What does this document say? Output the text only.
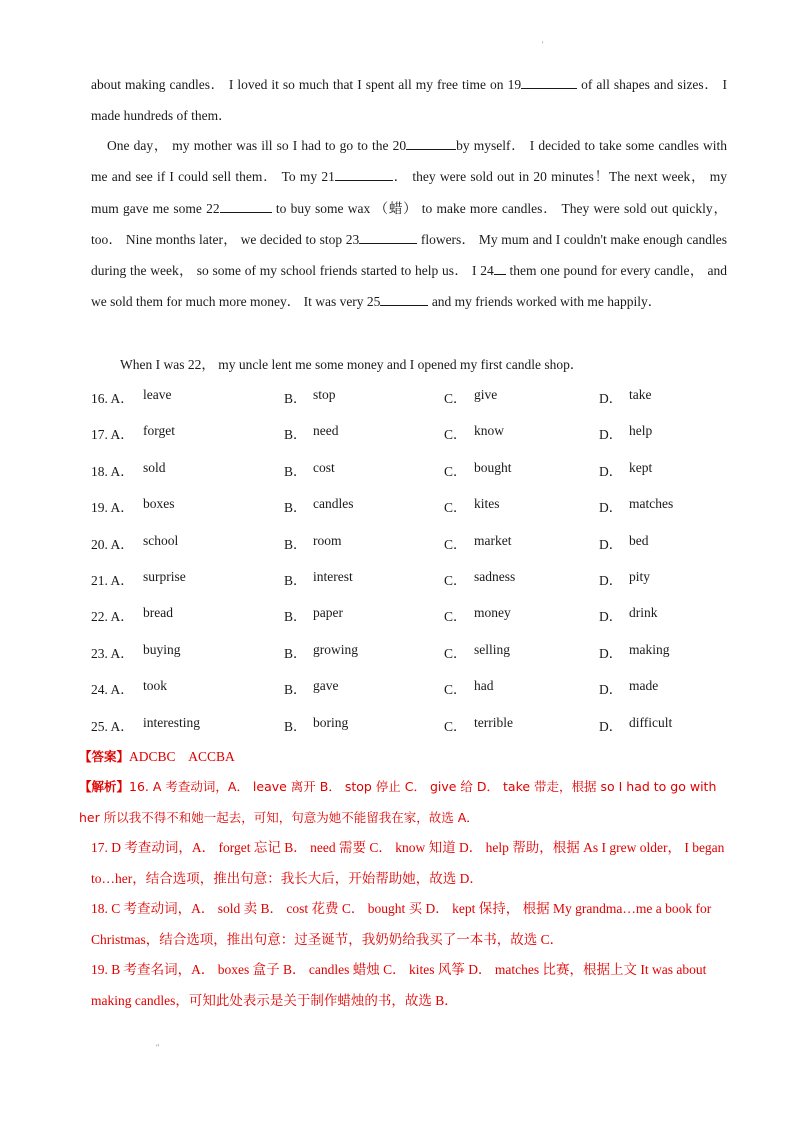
'
about making candles． I loved it so much that I spent all my free time on 19	of all shapes and sizes． I made hundreds of them．
One day， my mother was ill so I had to go to the 20	by myself． I decided to take some candles with me and see if I could sell them． To my 21	． they were sold out in 20 minutes！The next week， my mum gave me some 22	to buy some wax （蜡） to make more candles． They were sold out quickly， too． Nine months later， we decided to stop 23	flowers． My mum and I couldn't make enough candles during the week， so some of my school friends started to help us． I 24 them one pound for every candle， and we sold them for much more money． It was very 25	and my friends worked with me happily．
When I was 22， my uncle lent me some money and I opened my first candle shop．
16. A． leave	B． stop	C． give	D． take
17. A． forget	B． need	C． know	D． help
18. A． sold	B． cost	C． bought	D． kept
19. A． boxes	B． candles	C． kites	D． matches
20. A． school	B． room	C． market	D． bed
21. A． surprise	B． interest	C． sadness	D． pity
22. A． bread	B． paper	C． money	D． drink
23. A． buying	B． growing	C． selling	D． making
24. A． took	B． gave	C． had	D． made
25. A． interesting	B． boring	C． terrible	D． difficult
【答案】ADCBC    ACCBA
【解析】16. A 考查动词，A． leave 离开 B． stop 停止 C． give 给 D． take 带走，根据 so I had to go with her 所以我不得不和她一起去，可知，句意为她不能留我在家，故选 A．
17. D 考查动词，A． forget 忘记 B． need 需要 C． know 知道 D． help 帮助，根据 As I grew older， I began to…her，结合选项，推出句意：我长大后，开始帮助她，故选 D．
18. C 考查动词，A． sold 卖 B． cost 花费 C． bought 买 D． kept 保持， 根据 My grandma…me a book for Christmas，结合选项，推出句意：过圣诞节，我奶奶给我买了一本书，故选 C．
19. B 考查名词，A． boxes 盒子 B． candles 蜡烛 C． kites 风筝 D． matches 比赛，根据上文 It was about making candles，可知此处表示是关于制作蜡烛的书，故选 B．
″
